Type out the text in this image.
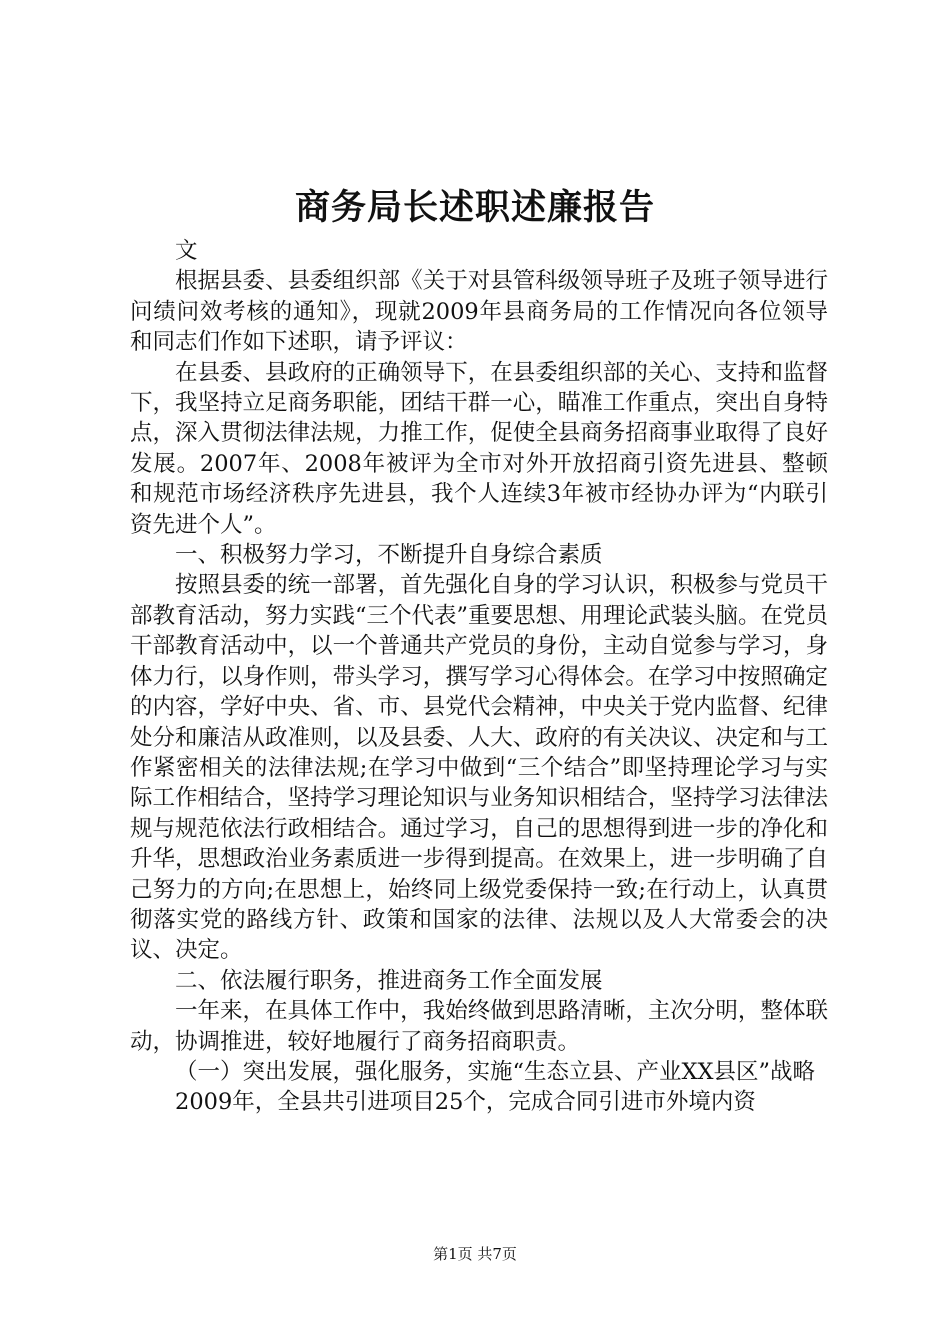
商务局长述职述廉报告

文

根据县委、县委组织部《关于对县管科级领导班子及班子领导进行问绩问效考核的通知》，现就2009年县商务局的工作情况向各位领导和同志们作如下述职，请予评议：

在县委、县政府的正确领导下，在县委组织部的关心、支持和监督下，我坚持立足商务职能，团结干群一心，瞄准工作重点，突出自身特点，深入贯彻法律法规，力推工作，促使全县商务招商事业取得了良好发展。2007年、2008年被评为全市对外开放招商引资先进县、整顿和规范市场经济秩序先进县，我个人连续3年被市经协办评为“内联引资先进个人”。

一、积极努力学习，不断提升自身综合素质

按照县委的统一部署，首先强化自身的学习认识，积极参与党员干部教育活动，努力实践“三个代表”重要思想、用理论武装头脑。在党员干部教育活动中，以一个普通共产党员的身份，主动自觉参与学习，身体力行，以身作则，带头学习，撰写学习心得体会。在学习中按照确定的内容，学好中央、省、市、县党代会精神，中央关于党内监督、纪律处分和廉洁从政准则，以及县委、人大、政府的有关决议、决定和与工作紧密相关的法律法规;在学习中做到“三个结合”即坚持理论学习与实际工作相结合，坚持学习理论知识与业务知识相结合，坚持学习法律法规与规范依法行政相结合。通过学习，自己的思想得到进一步的净化和升华，思想政治业务素质进一步得到提高。在效果上，进一步明确了自己努力的方向;在思想上，始终同上级党委保持一致;在行动上，认真贯彻落实党的路线方针、政策和国家的法律、法规以及人大常委会的决议、决定。

二、依法履行职务，推进商务工作全面发展

一年来，在具体工作中，我始终做到思路清晰，主次分明，整体联动，协调推进，较好地履行了商务招商职责。

（一）突出发展，强化服务，实施“生态立县、产业XX县区”战略

2009年，全县共引进项目25个，完成合同引进市外境内资

第1页 共7页
